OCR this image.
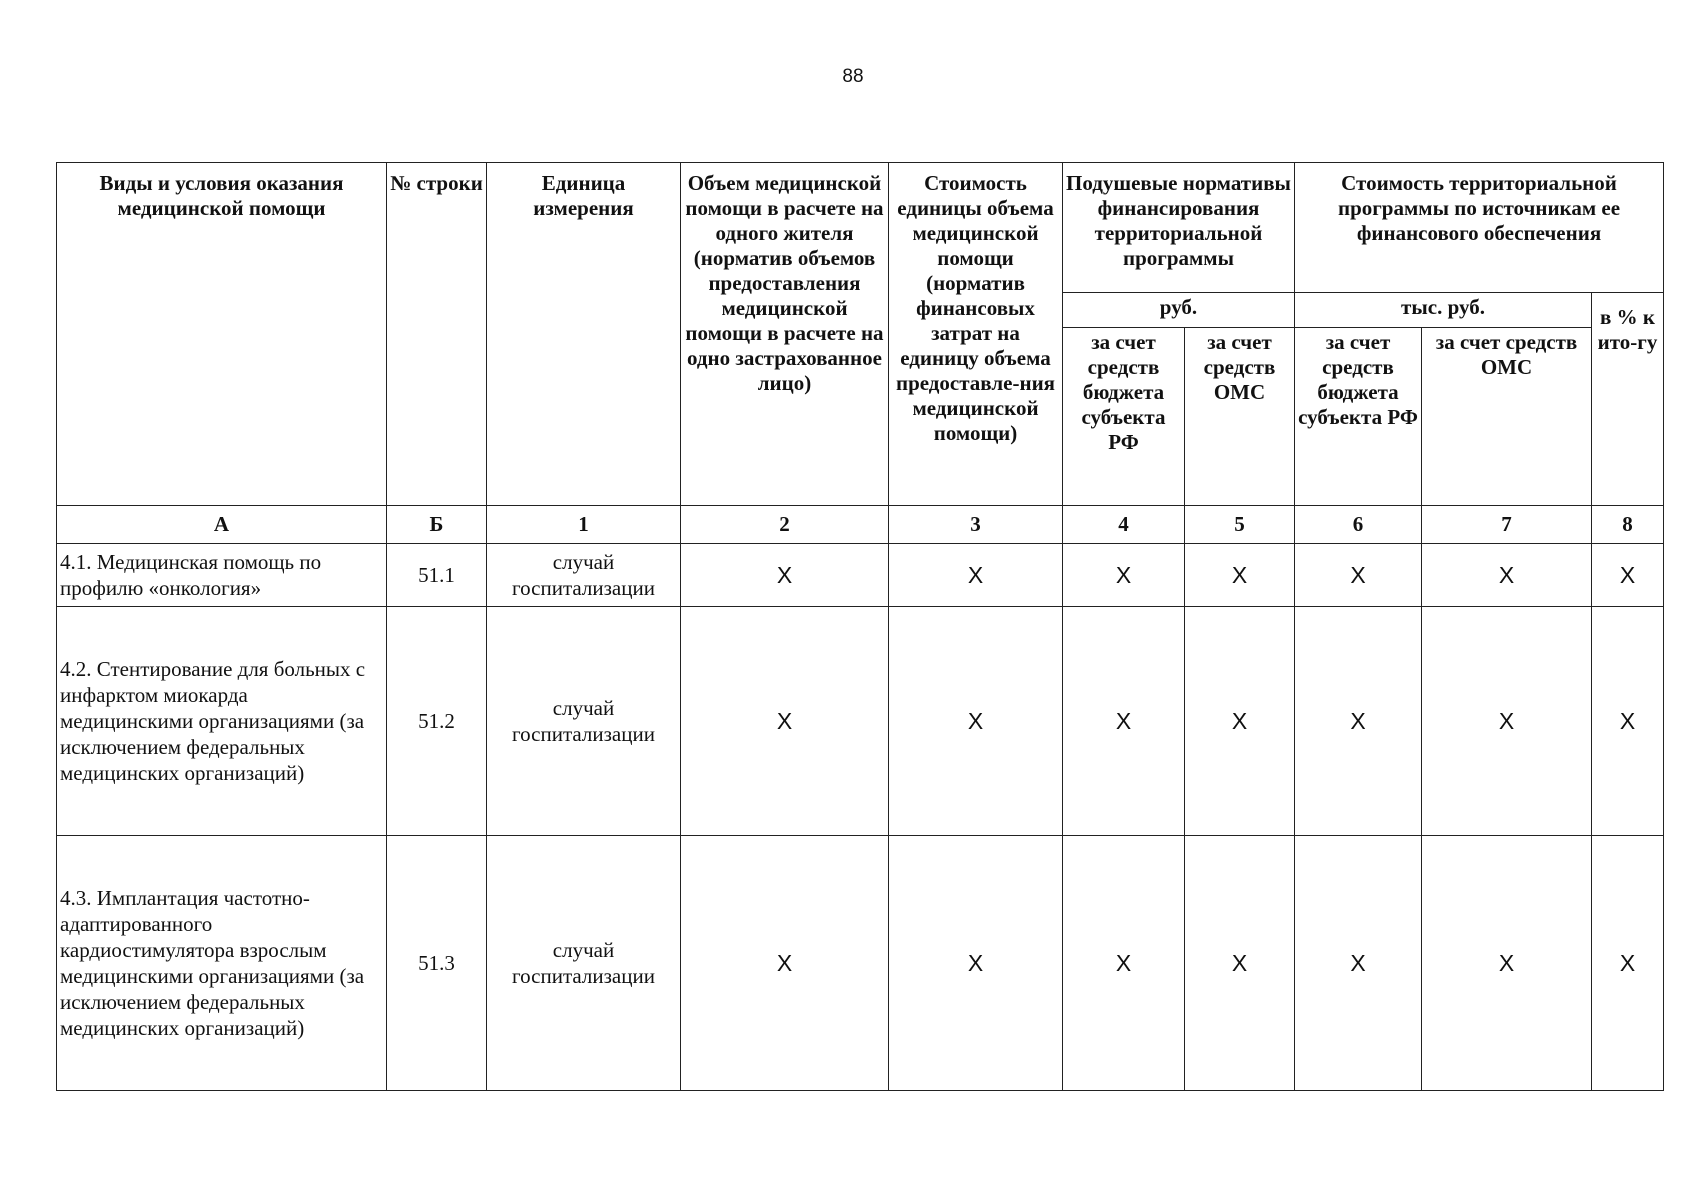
88
Виды и условия оказания медицинской помощи	№ строки	Единица измерения	Объем медицинской помощи в расчете на одного жителя (норматив объемов предоставления медицинской помощи в расчете на одно застрахованное лицо)	Стоимость единицы объема медицинской помощи (норматив финансовых затрат на единицу объема предоставле-ния медицинской помощи)	Подушевые нормативы финансирования территориальной программы		Стоимость территориальной программы по источникам ее финансового обеспечения		
					руб.		тыс. руб.		в % к ито-гу
					за счет средств бюджета субъекта РФ	за счет средств ОМС	за счет средств бюджета субъекта РФ	за счет средств ОМС	
А	Б	1	2	3	4	5	6	7	8
4.1. Медицинская помощь по профилю «онкология»	51.1	случай госпитализации	Х	Х	Х	Х	Х	Х	Х
4.2. Стентирование для больных с инфарктом миокарда медицинскими организациями (за исключением федеральных медицинских организаций)	51.2	случай госпитализации	Х	Х	Х	Х	Х	Х	Х
4.3. Имплантация частотно-адаптированного кардиостимулятора взрослым медицинскими организациями (за исключением федеральных медицинских организаций)	51.3	случай госпитализации	Х	Х	Х	Х	Х	Х	Х
